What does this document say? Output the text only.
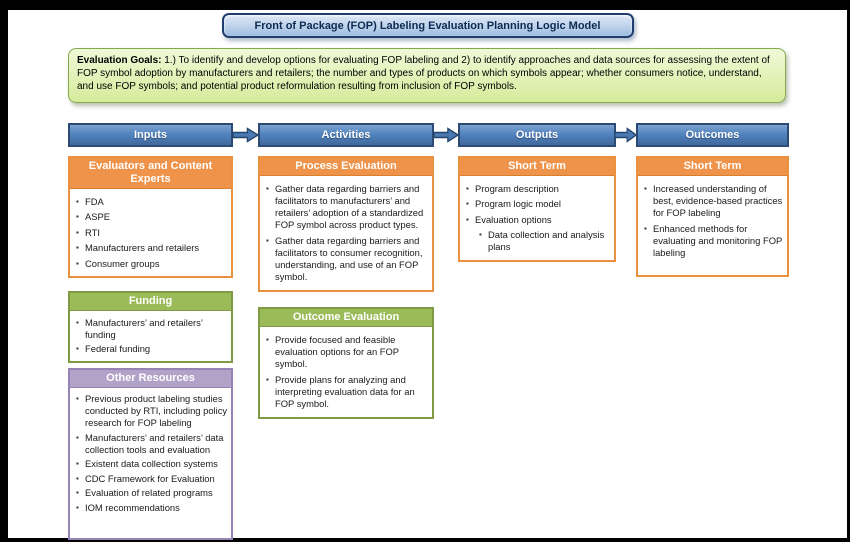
Front of Package (FOP) Labeling Evaluation Planning Logic Model
Evaluation Goals: 1.) To identify and develop options for evaluating FOP labeling and 2) to identify approaches and data sources for assessing the extent of FOP symbol adoption by manufacturers and retailers; the number and types of products on which symbols appear; whether consumers notice, understand, and use FOP symbols; and potential product reformulation resulting from inclusion of FOP symbols.
Inputs
Evaluators and Content Experts
▪ FDA
▪ ASPE
▪ RTI
▪ Manufacturers and retailers
▪ Consumer groups
Funding
▪ Manufacturers’ and retailers’ funding
▪ Federal funding
Other Resources
▪ Previous product labeling studies conducted by RTI, including policy research for FOP labeling
▪ Manufacturers’ and retailers’ data collection tools and evaluation
▪ Existent data collection systems
▪ CDC Framework for Evaluation
▪ Evaluation of related programs
▪ IOM recommendations
Activities
Process Evaluation
▪ Gather data regarding barriers and facilitators to manufacturers’ and retailers’ adoption of a standardized FOP symbol across product types.
▪ Gather data regarding barriers and facilitators to consumer recognition, understanding, and use of an FOP symbol.
Outcome Evaluation
▪ Provide focused and feasible evaluation options for an FOP symbol.
▪ Provide plans for analyzing and interpreting evaluation data for an FOP symbol.
Outputs
Short Term
▪ Program description
▪ Program logic model
▪ Evaluation options
▪ Data collection and analysis plans
Outcomes
Short Term
▪ Increased understanding of best, evidence-based practices for FOP labeling
▪ Enhanced methods for evaluating and monitoring FOP labeling
